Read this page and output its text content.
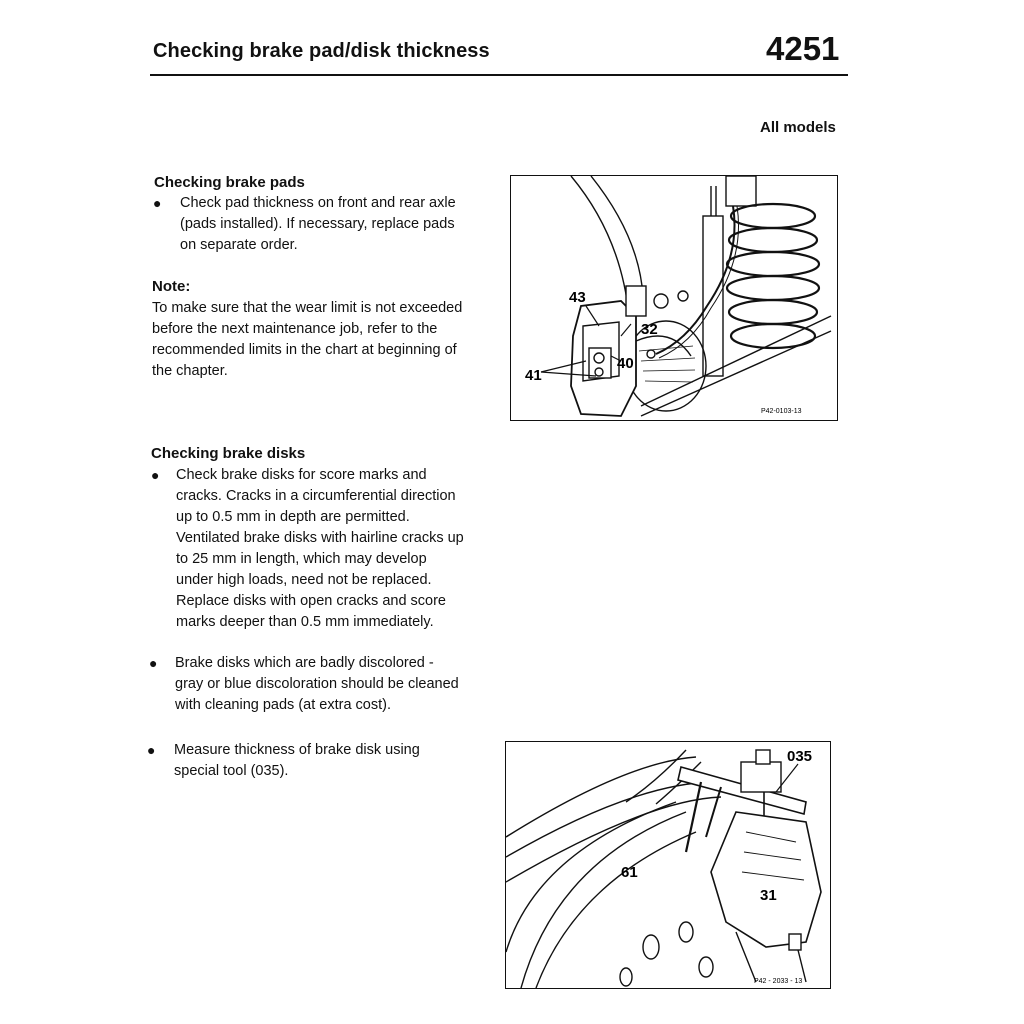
Checking brake pad/disk thickness	4251
All models
Checking brake pads
● Check pad thickness on front and rear axle
(pads installed). If necessary, replace pads
on separate order.
Note:
To make sure that the wear limit is not exceeded
before the next maintenance job, refer to the
recommended limits in the chart at beginning of
the chapter.
Checking brake disks
● Check brake disks for score marks and
cracks. Cracks in a circumferential direction
up to 0.5 mm in depth are permitted.
Ventilated brake disks with hairline cracks up
to 25 mm in length, which may develop
under high loads, need not be replaced.
Replace disks with open cracks and score
marks deeper than 0.5 mm immediately.
● Brake disks which are badly discolored -
gray or blue discoloration should be cleaned
with cleaning pads (at extra cost).
● Measure thickness of brake disk using
special tool (035).
43
32
40
41
P42-0103-13
035
61
31
P42 - 2033 - 13
